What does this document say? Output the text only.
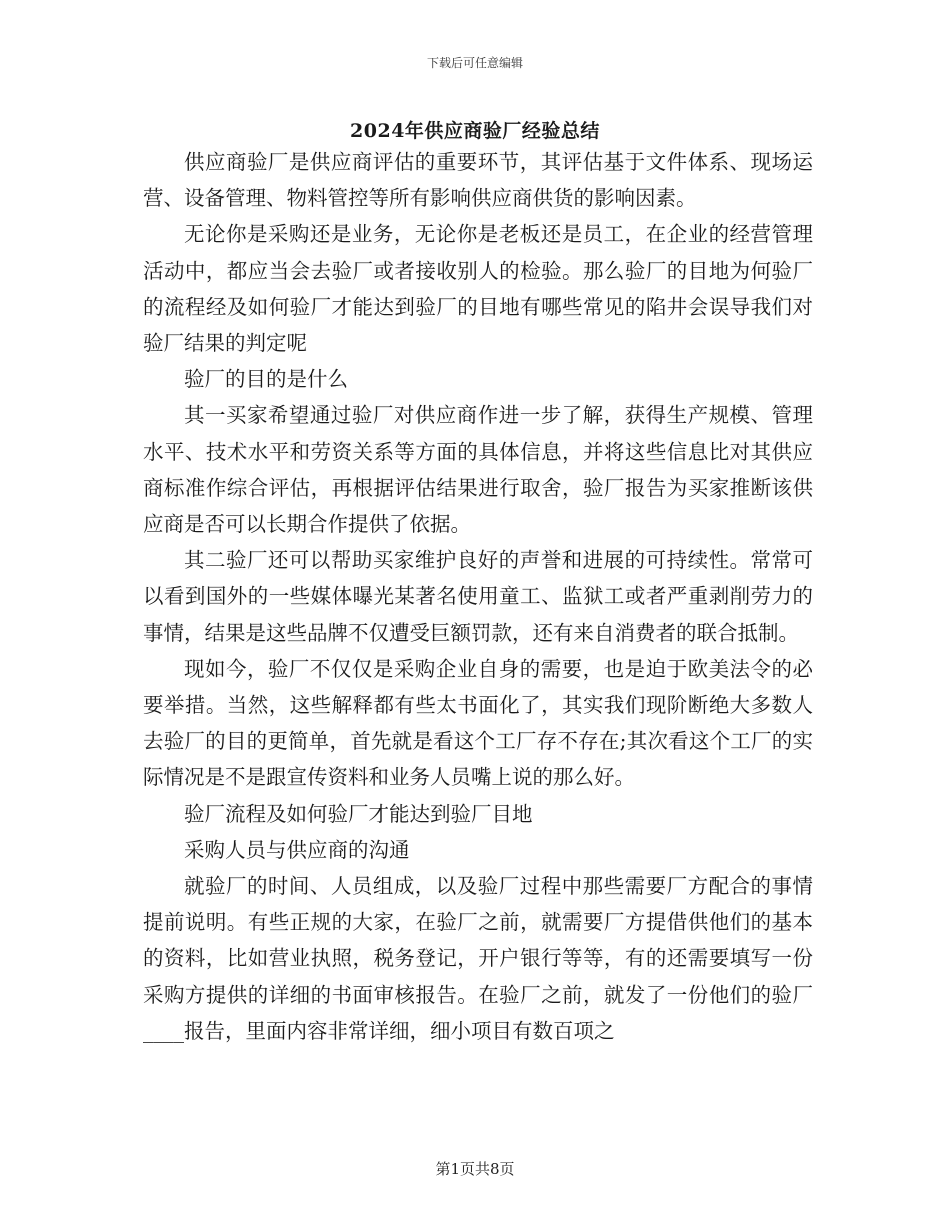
下载后可任意编辑
2024年供应商验厂经验总结

供应商验厂是供应商评估的重要环节，其评估基于文件体系、现场运营、设备管理、物料管控等所有影响供应商供货的影响因素。

无论你是采购还是业务，无论你是老板还是员工，在企业的经营管理活动中，都应当会去验厂或者接收别人的检验。那么验厂的目地为何验厂的流程经及如何验厂才能达到验厂的目地有哪些常见的陷井会误导我们对验厂结果的判定呢

验厂的目的是什么

其一买家希望通过验厂对供应商作进一步了解，获得生产规模、管理水平、技术水平和劳资关系等方面的具体信息，并将这些信息比对其供应商标准作综合评估，再根据评估结果进行取舍，验厂报告为买家推断该供应商是否可以长期合作提供了依据。

其二验厂还可以帮助买家维护良好的声誉和进展的可持续性。常常可以看到国外的一些媒体曝光某著名使用童工、监狱工或者严重剥削劳力的事情，结果是这些品牌不仅遭受巨额罚款，还有来自消费者的联合抵制。

现如今，验厂不仅仅是采购企业自身的需要，也是迫于欧美法令的必要举措。当然，这些解释都有些太书面化了，其实我们现阶断绝大多数人去验厂的目的更简单，首先就是看这个工厂存不存在;其次看这个工厂的实际情况是不是跟宣传资料和业务人员嘴上说的那么好。

验厂流程及如何验厂才能达到验厂目地

采购人员与供应商的沟通

就验厂的时间、人员组成，以及验厂过程中那些需要厂方配合的事情提前说明。有些正规的大家，在验厂之前，就需要厂方提借供他们的基本的资料，比如营业执照，税务登记，开户银行等等，有的还需要填写一份采购方提供的详细的书面审核报告。在验厂之前，就发了一份他们的验厂____报告，里面内容非常详细，细小项目有数百项之

第1页共8页
